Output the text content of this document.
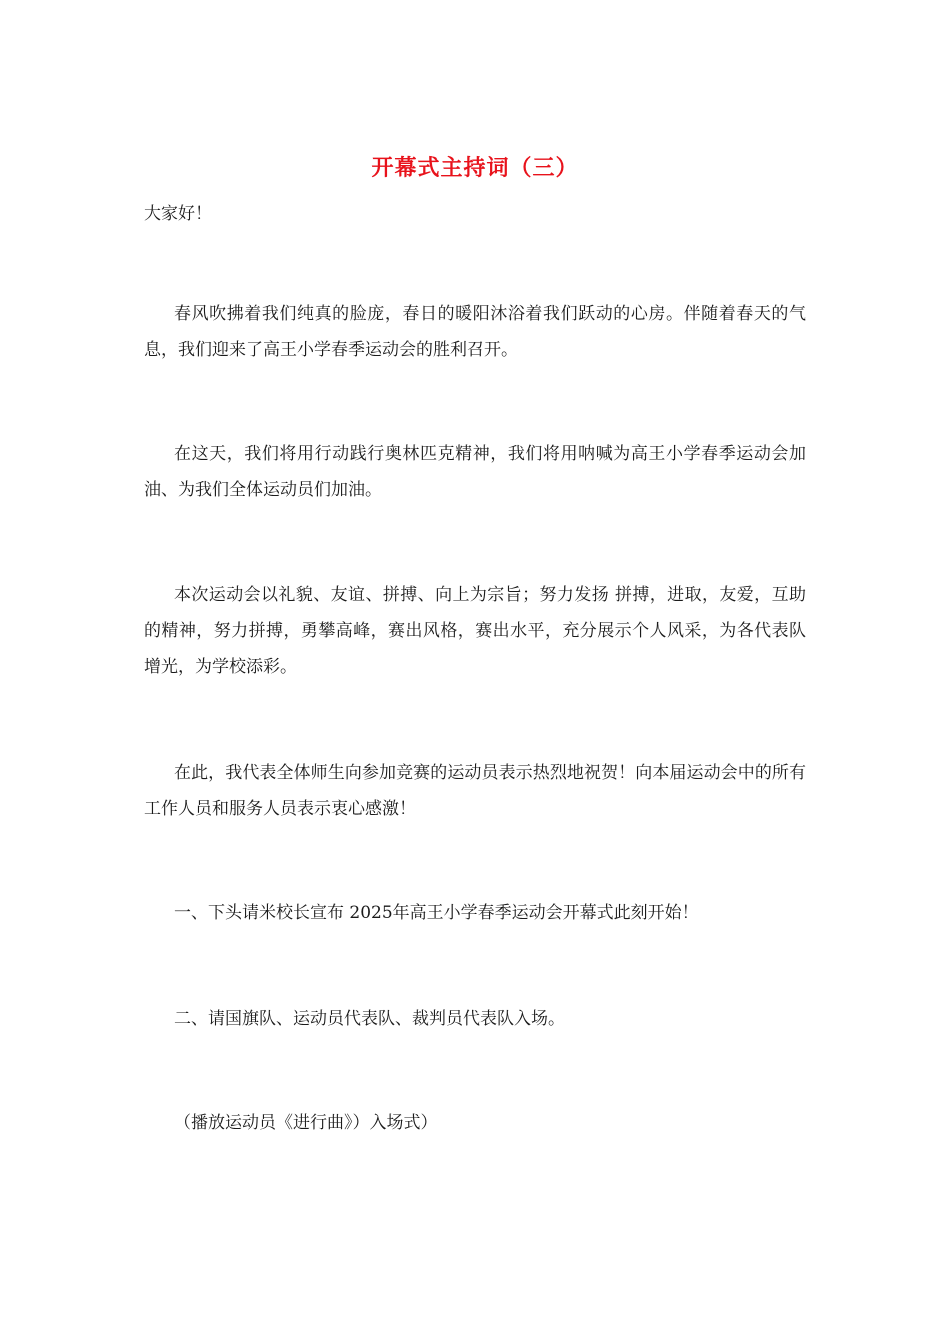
开幕式主持词（三）

大家好！

春风吹拂着我们纯真的脸庞，春日的暖阳沐浴着我们跃动的心房。伴随着春天的气息，我们迎来了高王小学春季运动会的胜利召开。

在这天，我们将用行动践行奥林匹克精神，我们将用呐喊为高王小学春季运动会加油、为我们全体运动员们加油。

本次运动会以礼貌、友谊、拼搏、向上为宗旨；努力发扬 拼搏，进取，友爱，互助 的精神，努力拼搏，勇攀高峰，赛出风格，赛出水平，充分展示个人风采，为各代表队增光，为学校添彩。

在此，我代表全体师生向参加竞赛的运动员表示热烈地祝贺！向本届运动会中的所有工作人员和服务人员表示衷心感激！

一、下头请米校长宣布 2025年高王小学春季运动会开幕式此刻开始！

二、请国旗队、运动员代表队、裁判员代表队入场。

（播放运动员《进行曲》）入场式）
